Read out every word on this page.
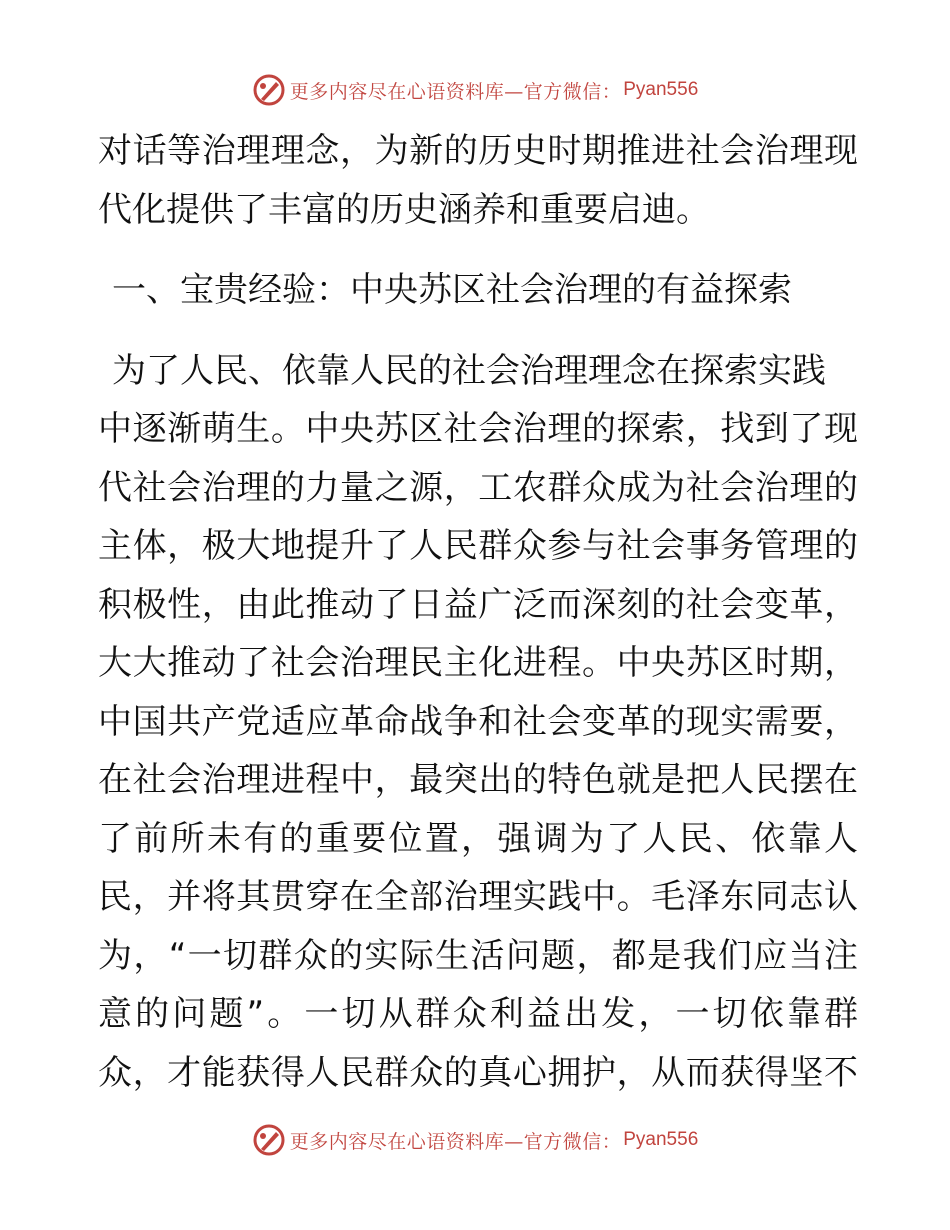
更多内容尽在心语资料库—官方微信： Pyan556
对话等治理理念，为新的历史时期推进社会治理现
代化提供了丰富的历史涵养和重要启迪。
一、宝贵经验：中央苏区社会治理的有益探索
为了人民、依靠人民的社会治理理念在探索实践
中逐渐萌生。中央苏区社会治理的探索，找到了现
代社会治理的力量之源，工农群众成为社会治理的
主体，极大地提升了人民群众参与社会事务管理的
积极性，由此推动了日益广泛而深刻的社会变革，
大大推动了社会治理民主化进程。中央苏区时期，
中国共产党适应革命战争和社会变革的现实需要，
在社会治理进程中，最突出的特色就是把人民摆在
了前所未有的重要位置，强调为了人民、依靠人
民，并将其贯穿在全部治理实践中。毛泽东同志认
为，“一切群众的实际生活问题，都是我们应当注
意的问题”。一切从群众利益出发，一切依靠群
众，才能获得人民群众的真心拥护，从而获得坚不
更多内容尽在心语资料库—官方微信： Pyan556
